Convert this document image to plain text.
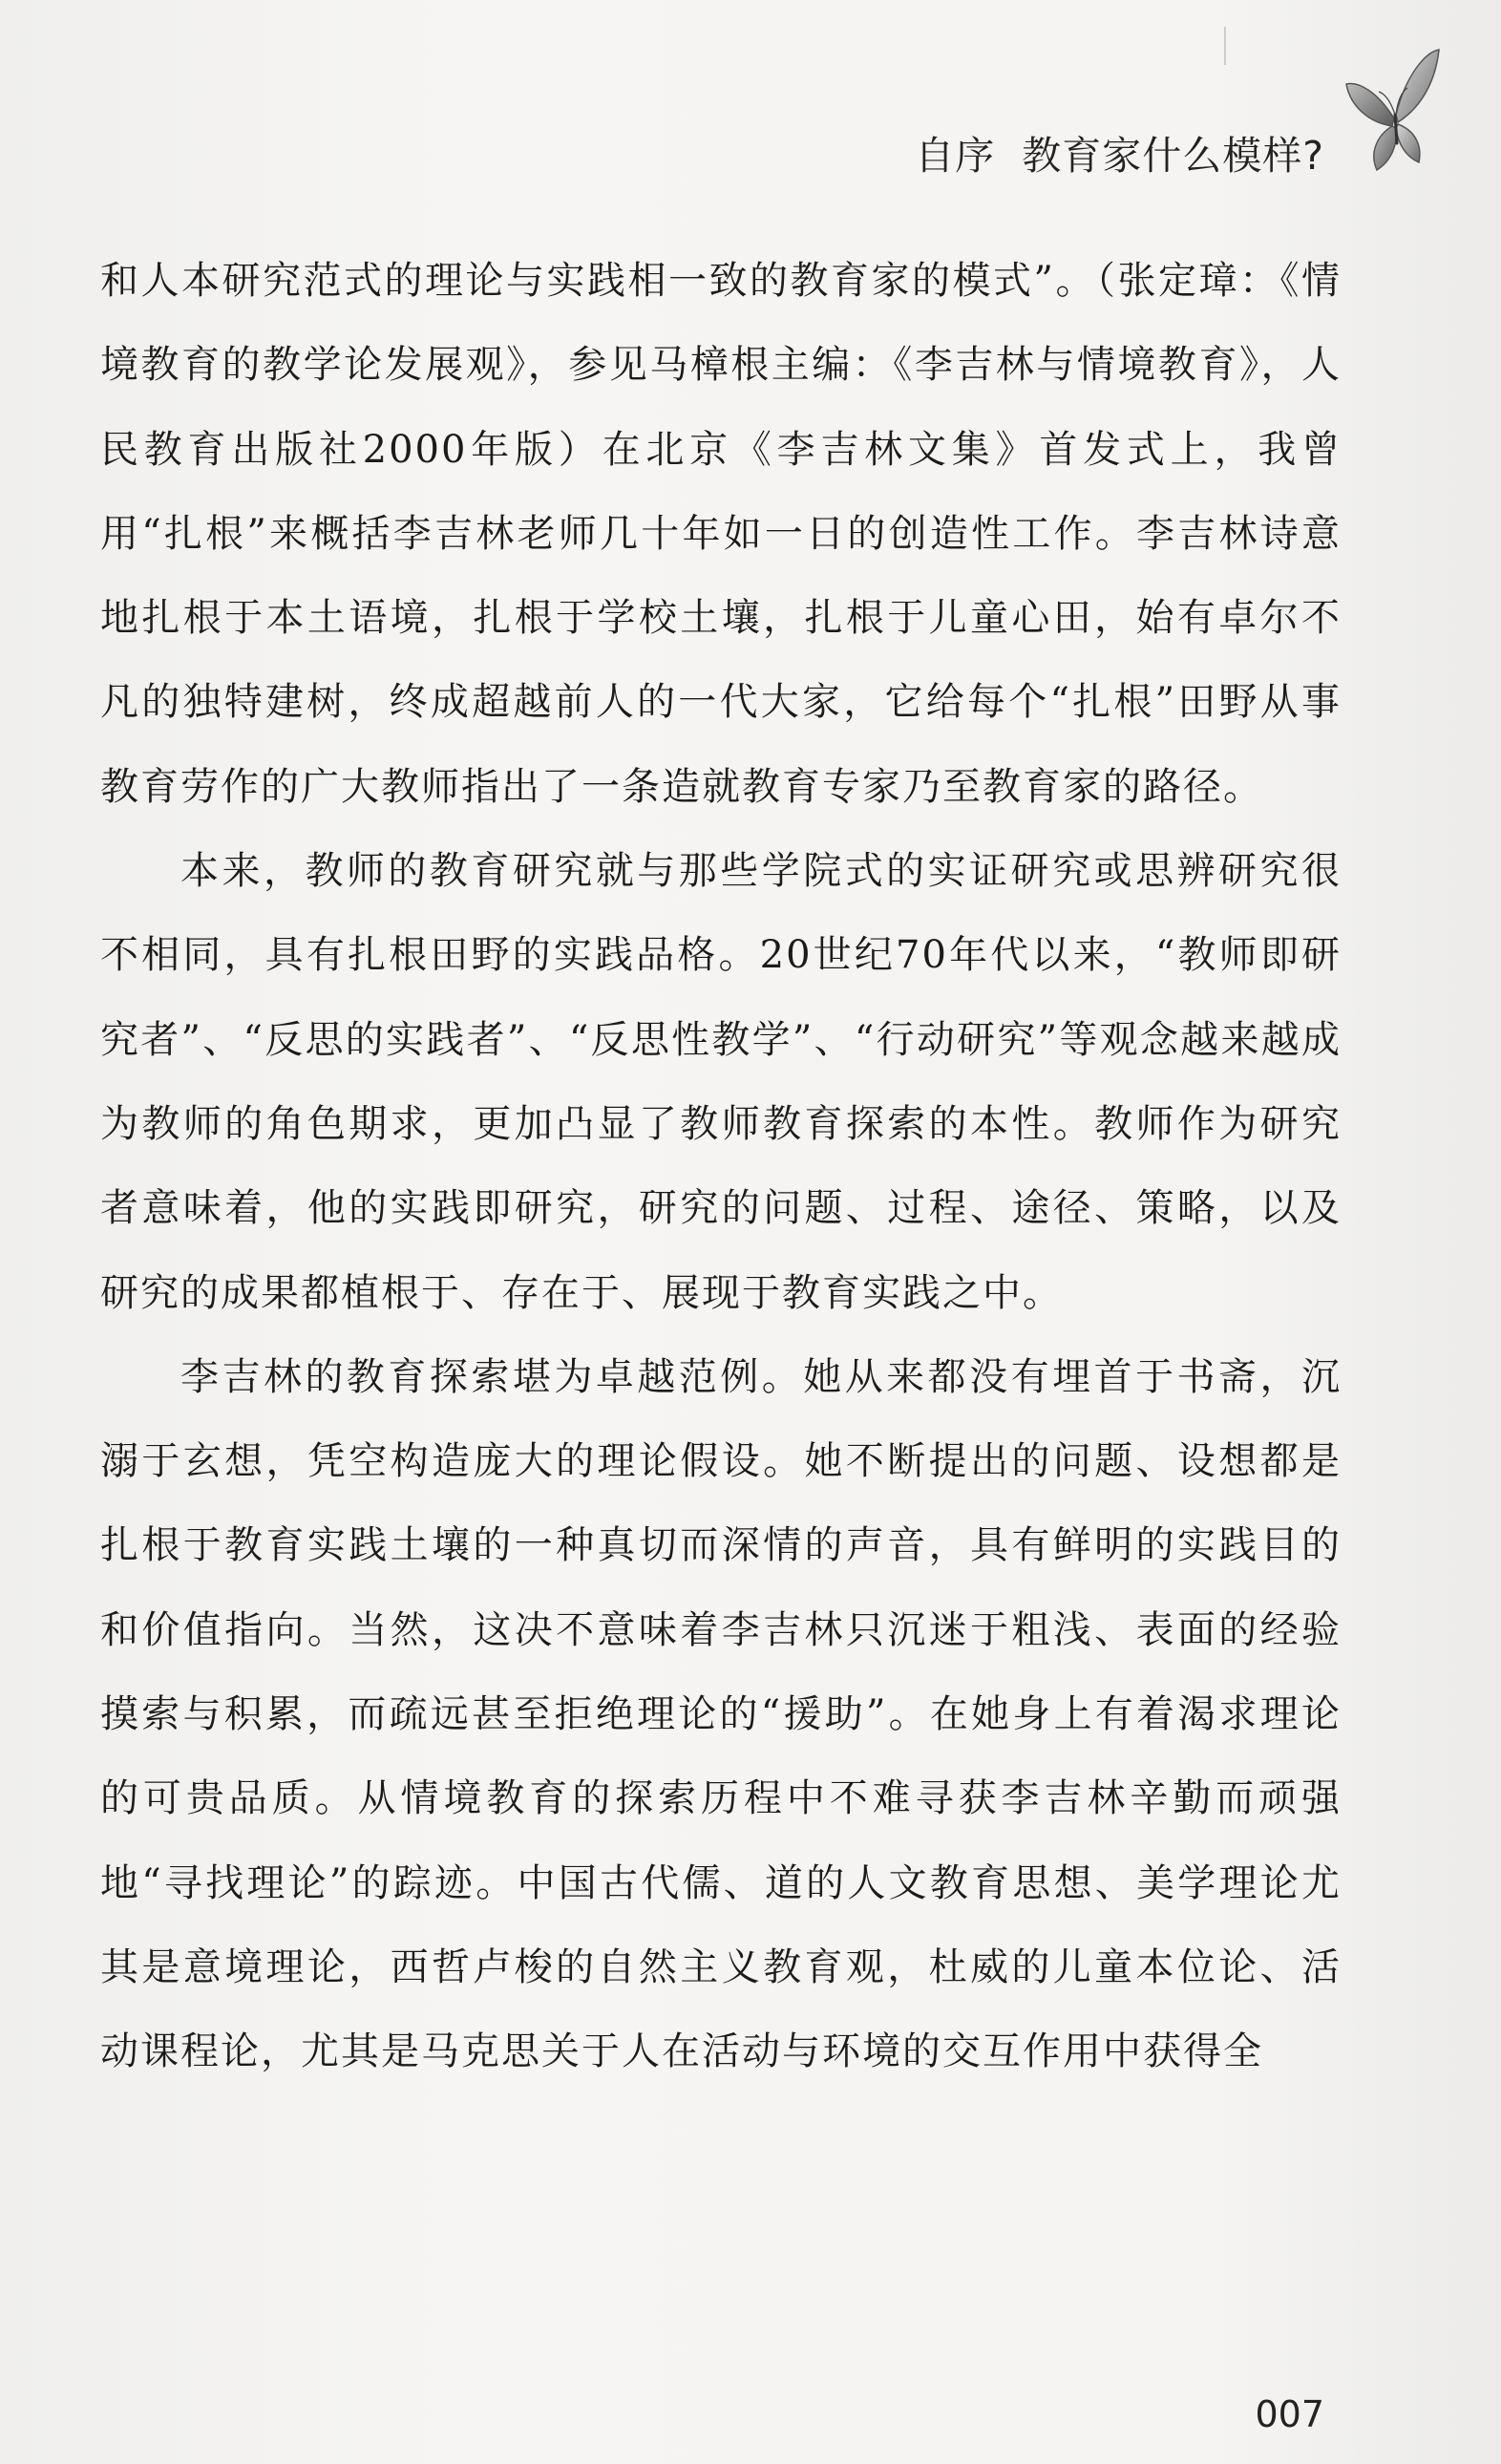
自序 教育家什么模样?

和人本研究范式的理论与实践相一致的教育家的模式”。（张定璋：《情境教育的教学论发展观》，参见马樟根主编：《李吉林与情境教育》，人民教育出版社2000年版）在北京《李吉林文集》首发式上，我曾用“扎根”来概括李吉林老师几十年如一日的创造性工作。李吉林诗意地扎根于本土语境，扎根于学校土壤，扎根于儿童心田，始有卓尔不凡的独特建树，终成超越前人的一代大家，它给每个“扎根”田野从事教育劳作的广大教师指出了一条造就教育专家乃至教育家的路径。

本来，教师的教育研究就与那些学院式的实证研究或思辨研究很不相同，具有扎根田野的实践品格。20世纪70年代以来，“教师即研究者”、“反思的实践者”、“反思性教学”、“行动研究”等观念越来越成为教师的角色期求，更加凸显了教师教育探索的本性。教师作为研究者意味着，他的实践即研究，研究的问题、过程、途径、策略，以及研究的成果都植根于、存在于、展现于教育实践之中。

李吉林的教育探索堪为卓越范例。她从来都没有埋首于书斋，沉溺于玄想，凭空构造庞大的理论假设。她不断提出的问题、设想都是扎根于教育实践土壤的一种真切而深情的声音，具有鲜明的实践目的和价值指向。当然，这决不意味着李吉林只沉迷于粗浅、表面的经验摸索与积累，而疏远甚至拒绝理论的“援助”。在她身上有着渴求理论的可贵品质。从情境教育的探索历程中不难寻获李吉林辛勤而顽强地“寻找理论”的踪迹。中国古代儒、道的人文教育思想、美学理论尤其是意境理论，西哲卢梭的自然主义教育观，杜威的儿童本位论、活动课程论，尤其是马克思关于人在活动与环境的交互作用中获得全

007
